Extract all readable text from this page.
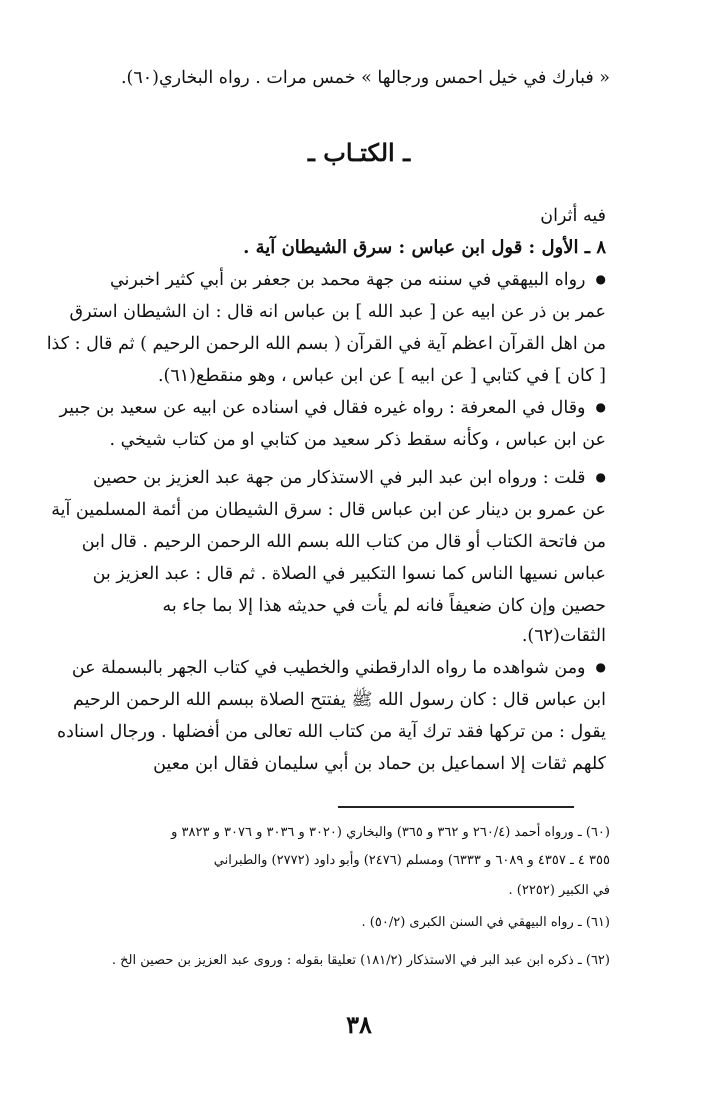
« فبارك في خيل احمس ورجالها » خمس مرات . رواه البخاري(٦٠).
ـ الكتـاب ـ
فيه أثران
٨ ـ الأول : قول ابن عباس : سرق الشيطان آية .
● رواه البيهقي في سننه من جهة محمد بن جعفر بن أبي كثير اخبرني
عمر بن ذر عن ابيه عن [ عبد الله ] بن عباس انه قال : ان الشيطان استرق
من اهل القرآن اعظم آية في القرآن ( بسم الله الرحمن الرحيم ) ثم قال : كذا
[ كان ] في كتابي [ عن ابيه ] عن ابن عباس ، وهو منقطع(٦١).
● وقال في المعرفة : رواه غيره فقال في اسناده عن ابيه عن سعيد بن جبير
عن ابن عباس ، وكأنه سقط ذكر سعيد من كتابي او من كتاب شيخي .
● قلت : ورواه ابن عبد البر في الاستذكار من جهة عبد العزيز بن حصين
عن عمرو بن دينار عن ابن عباس قال : سرق الشيطان من أئمة المسلمين آية
من فاتحة الكتاب أو قال من كتاب الله بسم الله الرحمن الرحيم . قال ابن
عباس نسيها الناس كما نسوا التكبير في الصلاة . ثم قال : عبد العزيز بن
حصين وإن كان ضعيفاً فانه لم يأت في حديثه هذا إلا بما جاء به
الثقات(٦٢).
● ومن شواهده ما رواه الدارقطني والخطيب في كتاب الجهر بالبسملة عن
ابن عباس قال : كان رسول الله ﷺ يفتتح الصلاة ببسم الله الرحمن الرحيم
يقول : من تركها فقد ترك آية من كتاب الله تعالى من أفضلها . ورجال اسناده
كلهم ثقات إلا اسماعيل بن حماد بن أبي سليمان فقال ابن معين
(٦٠) ـ ورواه أحمد (٢٦٠/٤ و ٣٦٢ و ٣٦٥) والبخاري (٣٠٢٠ و ٣٠٣٦ و ٣٠٧٦ و ٣٨٢٣ و
٣٥٥ ٤ ـ ٤٣٥٧ و ٦٠٨٩ و ٦٣٣٣) ومسلم (٢٤٧٦) وأبو داود (٢٧٧٢) والطبراني
في الكبير (٢٢٥٢) .
(٦١) ـ رواه البيهقي في السنن الكبرى (٥٠/٢) .
(٦٢) ـ ذكره ابن عبد البر في الاستذكار (١٨١/٢) تعليقا بقوله : وروى عبد العزيز بن حصين الخ .
٣٨
